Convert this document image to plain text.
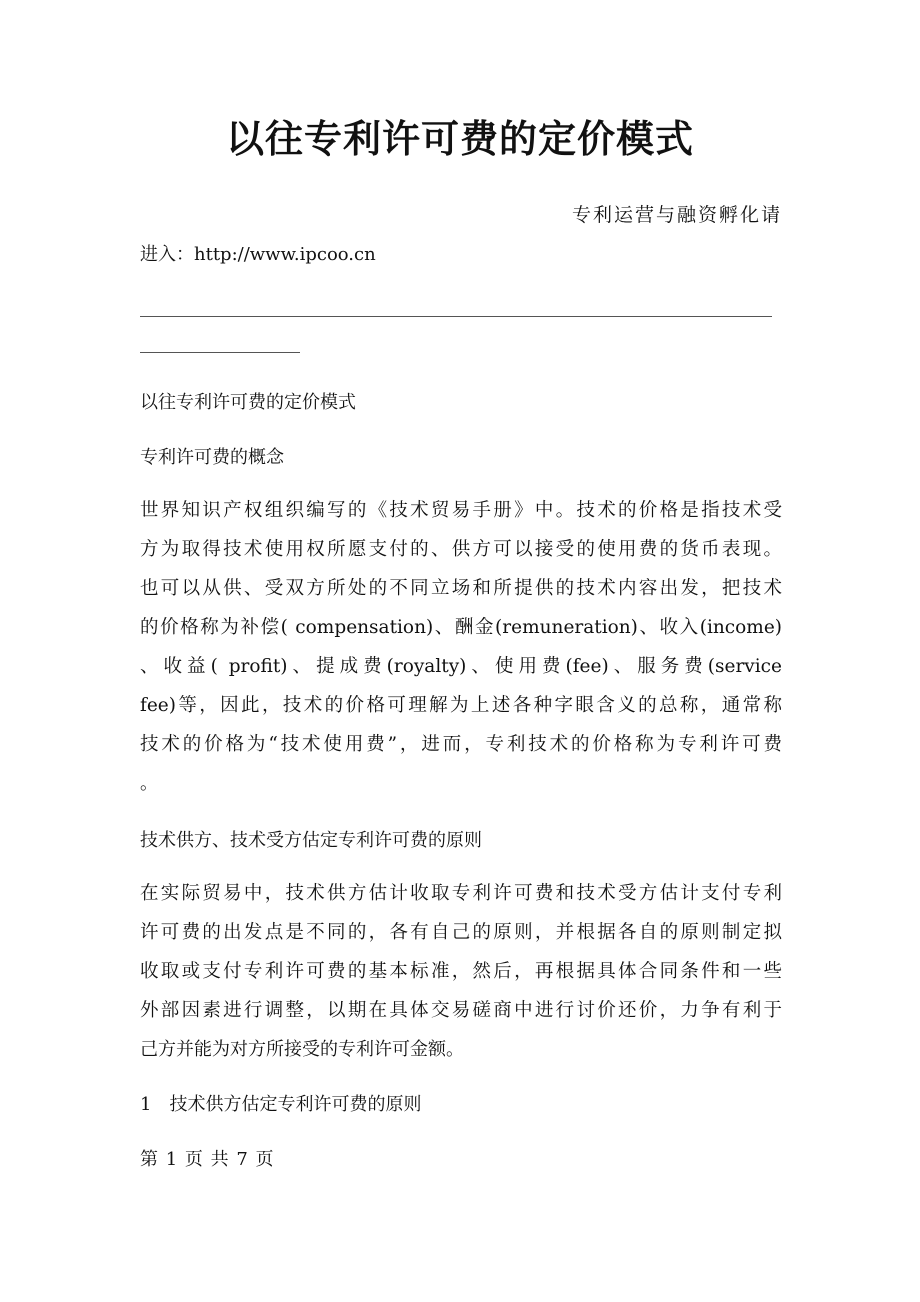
以往专利许可费的定价模式
专利运营与融资孵化请
进入：http://www.ipcoo.cn
以往专利许可费的定价模式
专利许可费的概念
世界知识产权组织编写的《技术贸易手册》中。技术的价格是指技术受
方为取得技术使用权所愿支付的、供方可以接受的使用费的货币表现。
也可以从供、受双方所处的不同立场和所提供的技术内容出发，把技术
的价格称为补偿( compensation)、酬金(remuneration)、收入(income)
、收益( profit)、提成费(royalty)、使用费(fee)、服务费(service
fee)等，因此，技术的价格可理解为上述各种字眼含义的总称，通常称
技术的价格为“技术使用费”，进而，专利技术的价格称为专利许可费
。
技术供方、技术受方估定专利许可费的原则
在实际贸易中，技术供方估计收取专利许可费和技术受方估计支付专利
许可费的出发点是不同的，各有自己的原则，并根据各自的原则制定拟
收取或支付专利许可费的基本标准，然后，再根据具体合同条件和一些
外部因素进行调整，以期在具体交易磋商中进行讨价还价，力争有利于
己方并能为对方所接受的专利许可金额。
1　技术供方估定专利许可费的原则
第 1 页 共 7 页
